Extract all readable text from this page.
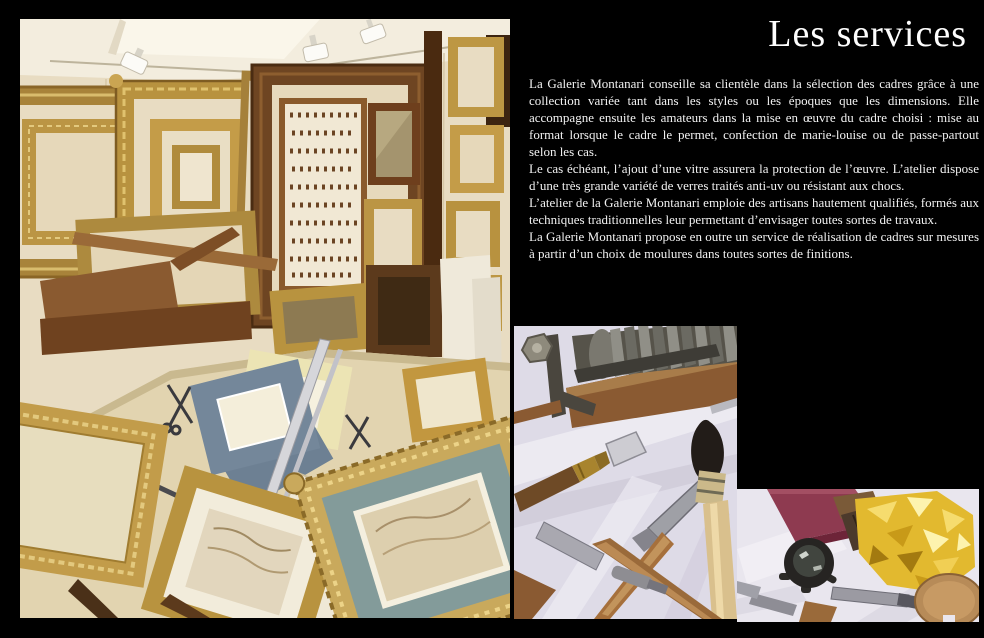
Les services

La Galerie Montanari conseille sa clientèle dans la sélection des cadres grâce à une collection variée tant dans les styles ou les époques que les dimensions. Elle accompagne ensuite les amateurs dans la mise en œuvre du cadre choisi : mise au format lorsque le cadre le permet, confection de marie-louise ou de passe-partout selon les cas.

Le cas échéant, l’ajout d’une vitre assurera la protection de l’œuvre. L’atelier dispose d’une très grande variété de verres traités anti-uv ou résistant aux chocs.

L’atelier de la Galerie Montanari emploie des artisans hautement qualifiés, formés aux techniques traditionnelles leur permettant d’envisager toutes sortes de travaux.

La Galerie Montanari propose en outre un service de réalisation de cadres sur mesures à partir d’un choix de moulures dans toutes sortes de finitions.
